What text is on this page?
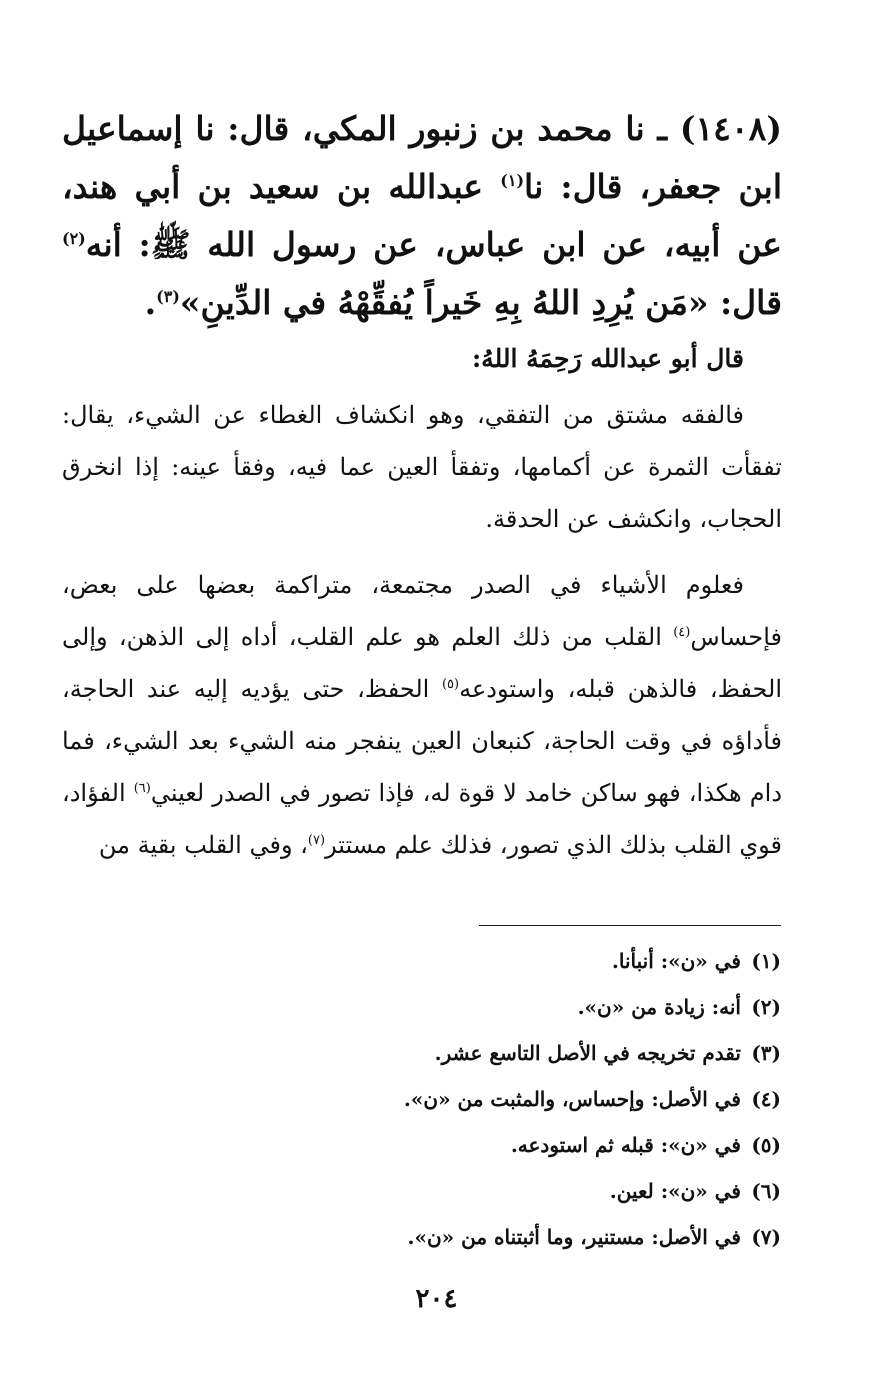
(١٤٠٨) ـ نا محمد بن زنبور المكي، قال: نا إسماعيل ابن جعفر، قال: نا$^{(١)}$ عبدالله بن سعيد بن أبي هند، عن أبيه، عن ابن عباس، عن رسول الله ﷺ: أنه$^{(٢)}$ قال: «مَن يُرِدِ اللهُ بِهِ خَيراً يُفقِّهْهُ في الدِّينِ»$^{(٣)}$.

قال أبو عبدالله رَحِمَهُ اللهُ:

فالفقه مشتق من التفقي، وهو انكشاف الغطاء عن الشيء، يقال: تفقأت الثمرة عن أكمامها، وتفقأ العين عما فيه، وفقأ عينه: إذا انخرق الحجاب، وانكشف عن الحدقة.

فعلوم الأشياء في الصدر مجتمعة، متراكمة بعضها على بعض، فإحساس$^{(٤)}$ القلب من ذلك العلم هو علم القلب، أداه إلى الذهن، وإلى الحفظ، فالذهن قبله، واستودعه$^{(٥)}$ الحفظ، حتى يؤديه إليه عند الحاجة، فأداؤه في وقت الحاجة، كنبعان العين ينفجر منه الشيء بعد الشيء، فما دام هكذا، فهو ساكن خامد لا قوة له، فإذا تصور في الصدر لعيني$^{(٦)}$ الفؤاد، قوي القلب بذلك الذي تصور، فذلك علم مستتر$^{(٧)}$، وفي القلب بقية من

(١)في «ن»: أنبأنا.
(٢)أنه: زيادة من «ن».
(٣)تقدم تخريجه في الأصل التاسع عشر.
(٤)في الأصل: وإحساس، والمثبت من «ن».
(٥)في «ن»: قبله ثم استودعه.
(٦)في «ن»: لعين.
(٧)في الأصل: مستنير، وما أثبتناه من «ن».
٢٠٤
